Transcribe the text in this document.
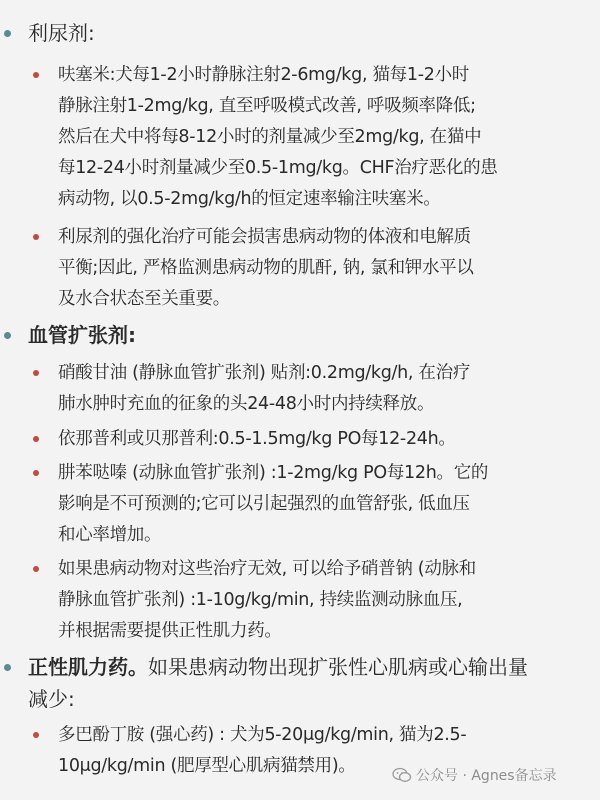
利尿剂:
呋塞米:犬每1-2小时静脉注射2-6mg/kg, 猫每1-2小时
静脉注射1-2mg/kg, 直至呼吸模式改善, 呼吸频率降低;
然后在犬中将每8-12小时的剂量减少至2mg/kg, 在猫中
每12-24小时剂量减少至0.5-1mg/kg。CHF治疗恶化的患
病动物, 以0.5-2mg/kg/h的恒定速率输注呋塞米。
利尿剂的强化治疗可能会损害患病动物的体液和电解质
平衡;因此, 严格监测患病动物的肌酐, 钠, 氯和钾水平以
及水合状态至关重要。
血管扩张剂:
硝酸甘油 (静脉血管扩张剂) 贴剂:0.2mg/kg/h, 在治疗
肺水肿时充血的征象的头24-48小时内持续释放。
依那普利或贝那普利:0.5-1.5mg/kg PO每12-24h。
肼苯哒嗪 (动脉血管扩张剂) :1-2mg/kg PO每12h。它的
影响是不可预测的;它可以引起强烈的血管舒张, 低血压
和心率增加。
如果患病动物对这些治疗无效, 可以给予硝普钠 (动脉和
静脉血管扩张剂) :1-10g/kg/min, 持续监测动脉血压,
并根据需要提供正性肌力药。
正性肌力药。如果患病动物出现扩张性心肌病或心输出量
减少:
多巴酚丁胺 (强心药) : 犬为5-20μg/kg/min, 猫为2.5-
10μg/kg/min (肥厚型心肌病猫禁用)。	公众号 · Agnes备忘录
